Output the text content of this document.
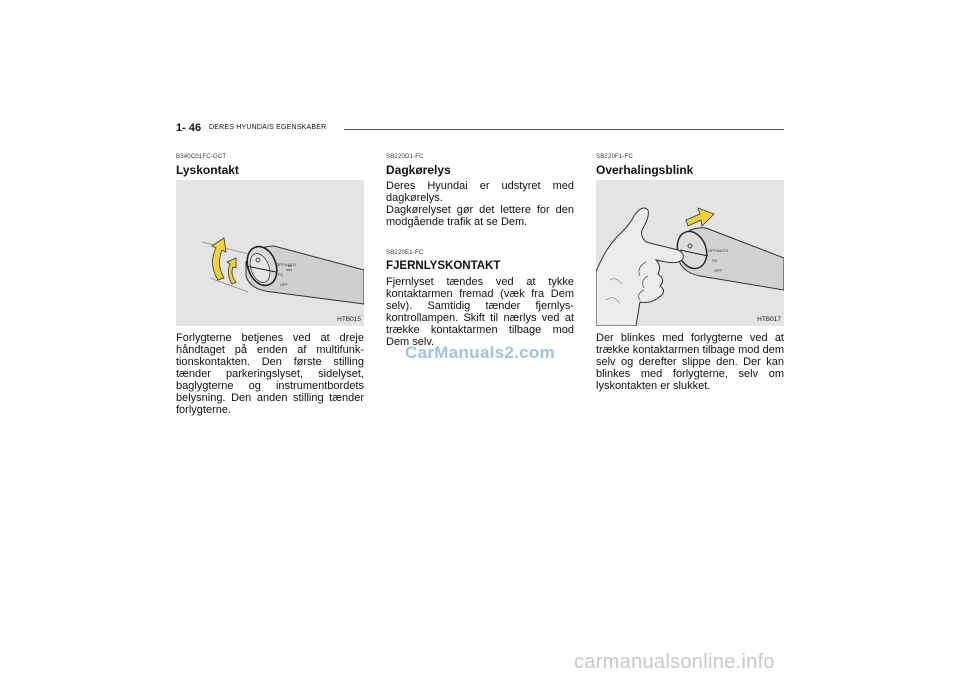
1- 46 DERES HYUNDAIS EGENSKABER
B340C01FC-GCT
Lyskontakt
OFF/AUTO
≡D
OFF
HTB015
Forlygterne betjenes ved at dreje håndtaget på enden af multifunk-tionskontakten. Den første stilling tænder parkeringslyset, sidelyset, baglygterne og instrumentbordets belysning. Den anden stilling tænder forlygterne.
SB220D1-FC
Dagkørelys

Deres Hyundai er udstyret med dagkørelys.

Dagkørelyset gør det lettere for den modgående trafik at se Dem.

SB220E1-FC
FJERNLYSKONTAKT
Fjernlyset tændes ved at tykke kontaktarmen fremad (væk fra Dem selv). Samtidig tænder fjernlys-kontrollampen. Skift til nærlys ved at trække kontaktarmen tilbage mod Dem selv.
SB220F1-FC
Overhalingsblink
OFF/AUTO
≡D
OFF
HTB017
Der blinkes med forlygterne ved at trække kontaktarmen tilbage mod dem selv og derefter slippe den. Der kan blinkes med forlygterne, selv om lyskontakten er slukket.
CarManuals2.com
carmanualsonline.info
